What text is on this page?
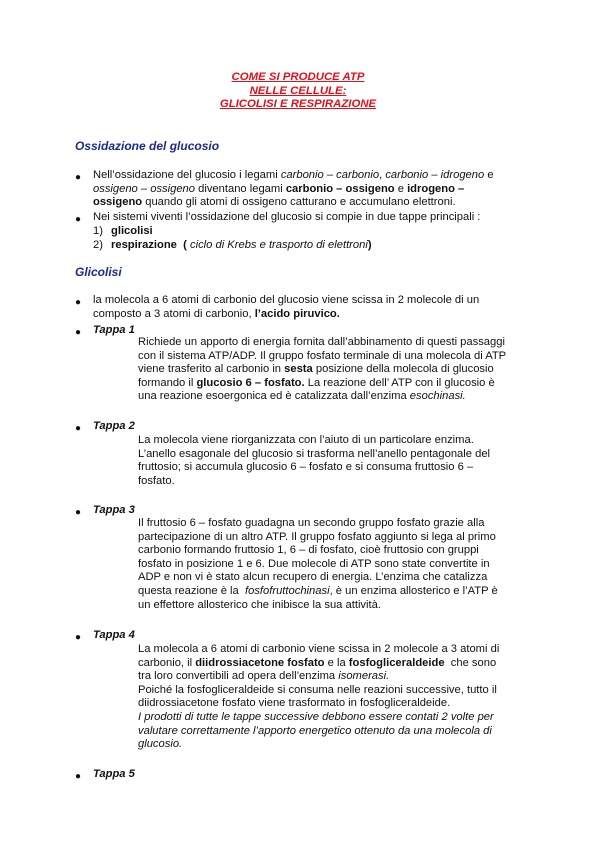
COME SI PRODUCE ATP
NELLE CELLULE:
GLICOLISI E RESPIRAZIONE
Ossidazione del glucosio
● Nell’ossidazione del glucosio i legami carbonio – carbonio, carbonio – idrogeno e

ossigeno – ossigeno diventano legami carbonio – ossigeno e idrogeno –

ossigeno quando gli atomi di ossigeno catturano e accumulano elettroni.

● Nei sistemi viventi l’ossidazione del glucosio si compie in due tappe principali :
1) glicolisi
2) respirazione  ( ciclo di Krebs e trasporto di elettroni)
Glicolisi
● la molecola a 6 atomi di carbonio del glucosio viene scissa in 2 molecole di un

composto a 3 atomi di carbonio, l’acido piruvico.

● Tappa 1

Richiede un apporto di energia fornita dall’abbinamento di questi passaggi

con il sistema ATP/ADP. Il gruppo fosfato terminale di una molecola di ATP

viene trasferito al carbonio in sesta posizione della molecola di glucosio

formando il glucosio 6 – fosfato. La reazione dell’ ATP con il glucosio è

una reazione esoergonica ed è catalizzata dall’enzima esochinasi.

● Tappa 2

La molecola viene riorganizzata con l’aiuto di un particolare enzima.

L’anello esagonale del glucosio si trasforma nell’anello pentagonale del

fruttosio; si accumula glucosio 6 – fosfato e si consuma fruttosio 6 –

fosfato.

● Tappa 3

Il fruttosio 6 – fosfato guadagna un secondo gruppo fosfato grazie alla

partecipazione di un altro ATP. Il gruppo fosfato aggiunto si lega al primo

carbonio formando fruttosio 1, 6 – di fosfato, cioè fruttosio con gruppi

fosfato in posizione 1 e 6. Due molecole di ATP sono state convertite in

ADP e non vi è stato alcun recupero di energia. L’enzima che catalizza

questa reazione è la  fosfofruttochinasi, è un enzima allosterico e l’ATP è

un effettore allosterico che inibisce la sua attività.

● Tappa 4

La molecola a 6 atomi di carbonio viene scissa in 2 molecole a 3 atomi di

carbonio, il diidrossiacetone fosfato e la fosfogliceraldeide  che sono

tra loro convertibili ad opera dell’enzima isomerasi.

Poiché la fosfogliceraldeide si consuma nelle reazioni successive, tutto il

diidrossiacetone fosfato viene trasformato in fosfogliceraldeide.

I prodotti di tutte le tappe successive debbono essere contati 2 volte per

valutare correttamente l’apporto energetico ottenuto da una molecola di

glucosio.

● Tappa 5
